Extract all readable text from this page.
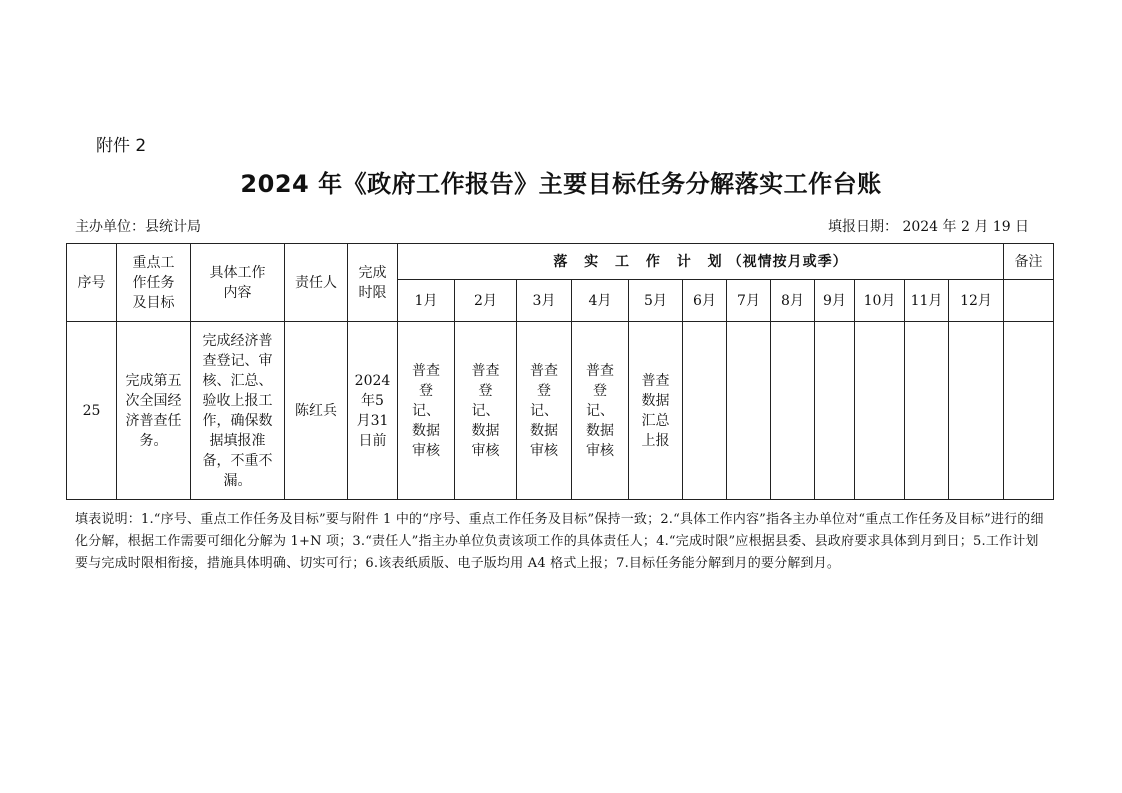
附件 2
2024 年《政府工作报告》主要目标任务分解落实工作台账
主办单位：县统计局	填报日期： 2024 年 2 月 19 日
序号	重点工作任务及目标	具体工作内容	责任人	完成时限	落 实 工 作 计 划（视情按月或季）												备注
					1月	2月	3月	4月	5月	6月	7月	8月	9月	10月	11月	12月	
25	完成第五次全国经济普查任务。	完成经济普查登记、审核、汇总、验收上报工作，确保数据填报准备，不重不漏。	陈红兵	2024年5月31日前	普查登记、数据审核	普查登记、数据审核	普查登记、数据审核	普查登记、数据审核	普查数据汇总上报								

填表说明：1.“序号、重点工作任务及目标”要与附件 1 中的“序号、重点工作任务及目标”保持一致；2.“具体工作内容”指各主办单位对“重点工作任务及目标”进行的细化分解，根据工作需要可细化分解为 1+N 项；3.“责任人”指主办单位负责该项工作的具体责任人；4.“完成时限”应根据县委、县政府要求具体到月到日；5.工作计划要与完成时限相衔接，措施具体明确、切实可行；6.该表纸质版、电子版均用 A4 格式上报；7.目标任务能分解到月的要分解到月。
